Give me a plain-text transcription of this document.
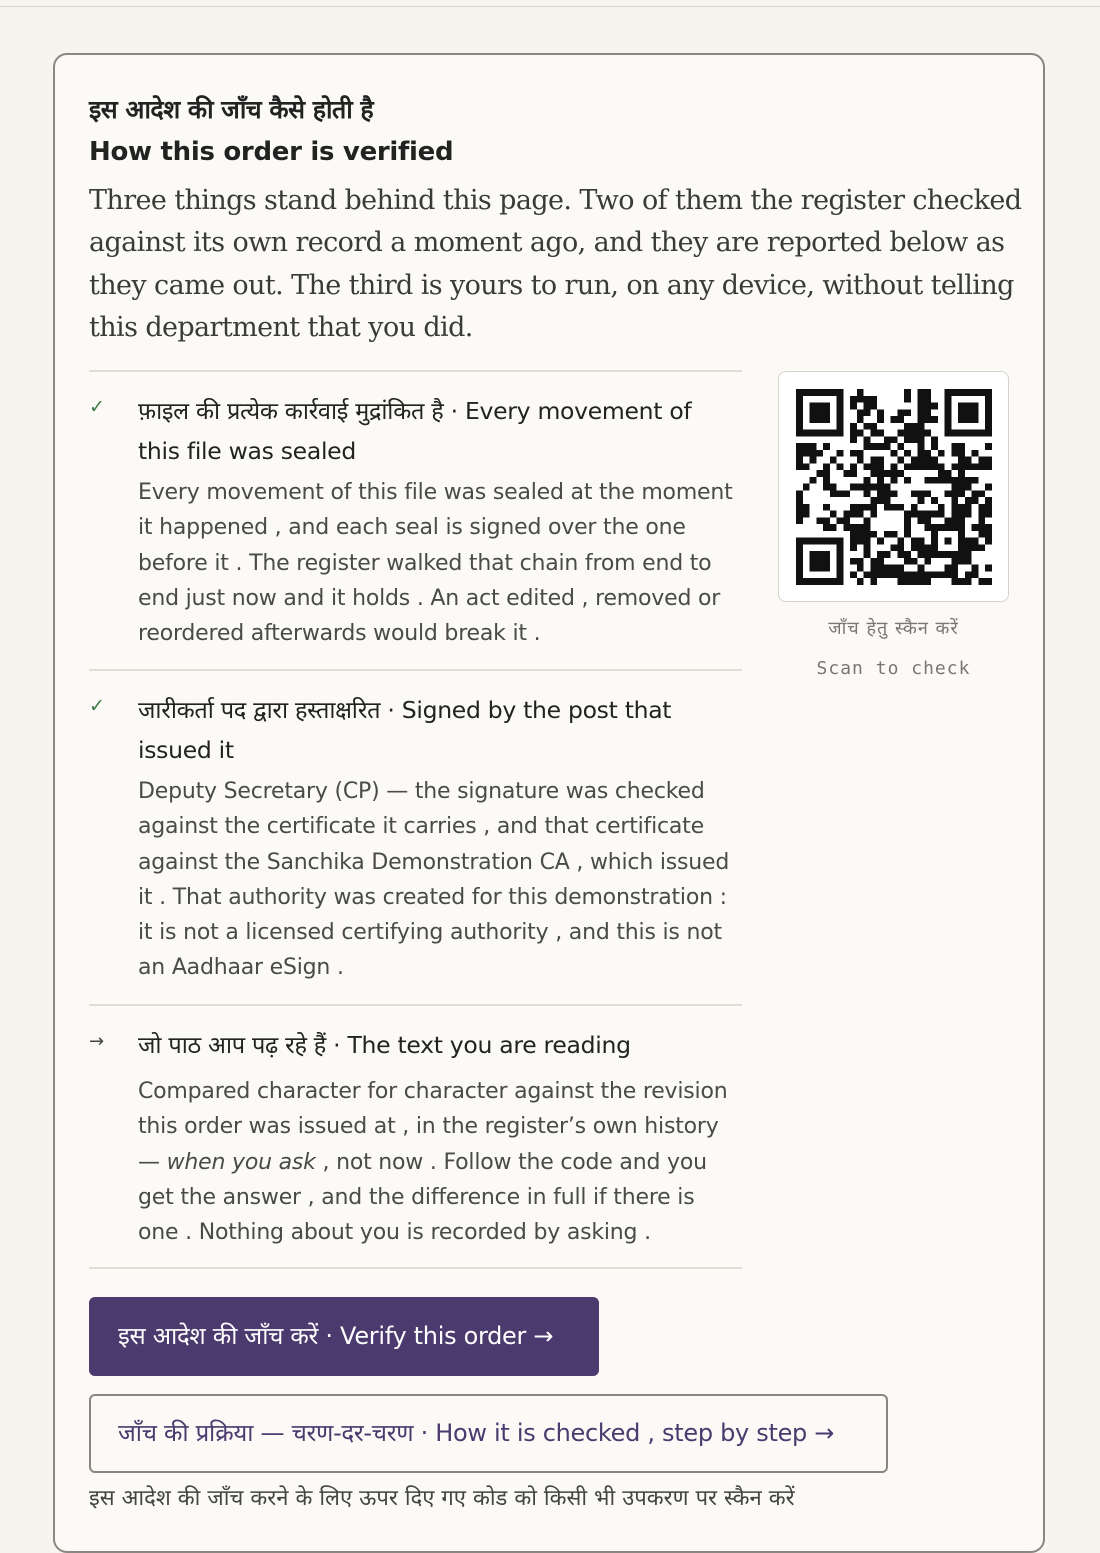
इस आदेश की जाँच कैसे होती है
How this order is verified
Three things stand behind this page. Two of them the register checked against its own record a moment ago, and they are reported below as they came out. The third is yours to run, on any device, without telling this department that you did.
✓ फ़ाइल की प्रत्येक कार्रवाई मुद्रांकित है · Every movement of this file was sealed
Every movement of this file was sealed at the moment it happened , and each seal is signed over the one before it . The register walked that chain from end to end just now and it holds . An act edited , removed or reordered afterwards would break it .
✓ जारीकर्ता पद द्वारा हस्ताक्षरित · Signed by the post that issued it
Deputy Secretary (CP) — the signature was checked against the certificate it carries , and that certificate against the Sanchika Demonstration CA , which issued it . That authority was created for this demonstration : it is not a licensed certifying authority , and this is not an Aadhaar eSign .
→ जो पाठ आप पढ़ रहे हैं · The text you are reading
Compared character for character against the revision this order was issued at , in the register’s own history — when you ask , not now . Follow the code and you get the answer , and the difference in full if there is one . Nothing about you is recorded by asking .
जाँच हेतु स्कैन करें
Scan to check
इस आदेश की जाँच करें · Verify this order →
जाँच की प्रक्रिया — चरण-दर-चरण · How it is checked , step by step →
इस आदेश की जाँच करने के लिए ऊपर दिए गए कोड को किसी भी उपकरण पर स्कैन करें
